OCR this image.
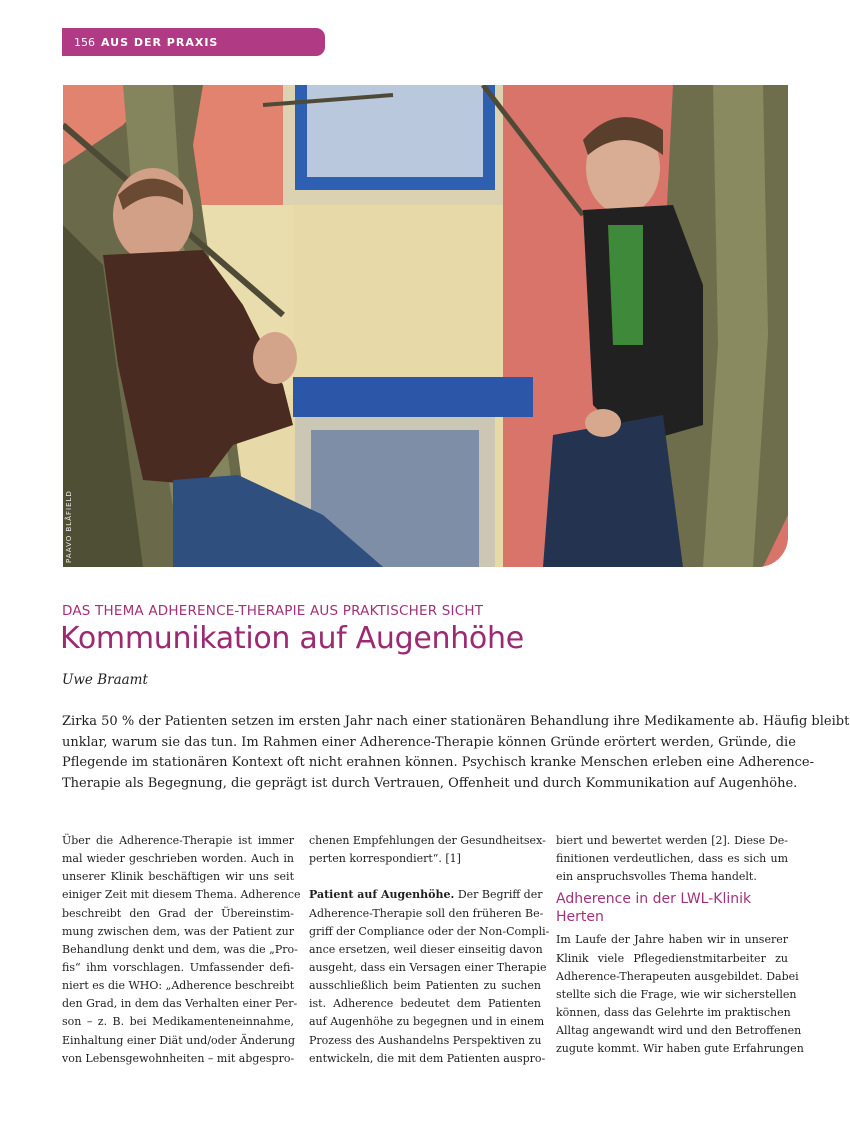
156 AUS DER PRAXIS
PAAVO BLÅFIELD
DAS THEMA ADHERENCE-THERAPIE AUS PRAKTISCHER SICHT
Kommunikation auf Augenhöhe
Uwe Braamt
Zirka 50 % der Patienten setzen im ersten Jahr nach einer stationären Behandlung ihre Medikamente ab. Häufig bleibt
unklar, warum sie das tun. Im Rahmen einer Adherence-Therapie können Gründe erörtert werden, Gründe, die
Pflegende im stationären Kontext oft nicht erahnen können. Psychisch kranke Menschen erleben eine Adherence-
Therapie als Begegnung, die geprägt ist durch Vertrauen, Offenheit und durch Kommunikation auf Augenhöhe.
Über die Adherence-Therapie ist immer
mal wieder geschrieben worden. Auch in
unserer Klinik beschäftigen wir uns seit
einiger Zeit mit diesem Thema. Adherence
beschreibt den Grad der Übereinstim-
mung zwischen dem, was der Patient zur
Behandlung denkt und dem, was die „Pro-
fis“ ihm vorschlagen. Umfassender defi-
niert es die WHO: „Adherence beschreibt
den Grad, in dem das Verhalten einer Per-
son – z. B. bei Medikamenteneinnahme,
Einhaltung einer Diät und/oder Änderung
von Lebensgewohnheiten – mit abgespro-
chenen Empfehlungen der Gesundheitsex-
perten korrespondiert“. [1]
Patient auf Augenhöhe. Der Begriff der
Adherence-Therapie soll den früheren Be-
griff der Compliance oder der Non-Compli-
ance ersetzen, weil dieser einseitig davon
ausgeht, dass ein Versagen einer Therapie
ausschließlich beim Patienten zu suchen
ist. Adherence bedeutet dem Patienten
auf Augenhöhe zu begegnen und in einem
Prozess des Aushandelns Perspektiven zu
entwickeln, die mit dem Patienten auspro-
biert und bewertet werden [2]. Diese De-
finitionen verdeutlichen, dass es sich um
ein anspruchsvolles Thema handelt.
Adherence in der LWL-Klinik
Herten
Im Laufe der Jahre haben wir in unserer
Klinik viele Pflegedienstmitarbeiter zu
Adherence-Therapeuten ausgebildet. Dabei
stellte sich die Frage, wie wir sicherstellen
können, dass das Gelehrte im praktischen
Alltag angewandt wird und den Betroffenen
zugute kommt. Wir haben gute Erfahrungen
